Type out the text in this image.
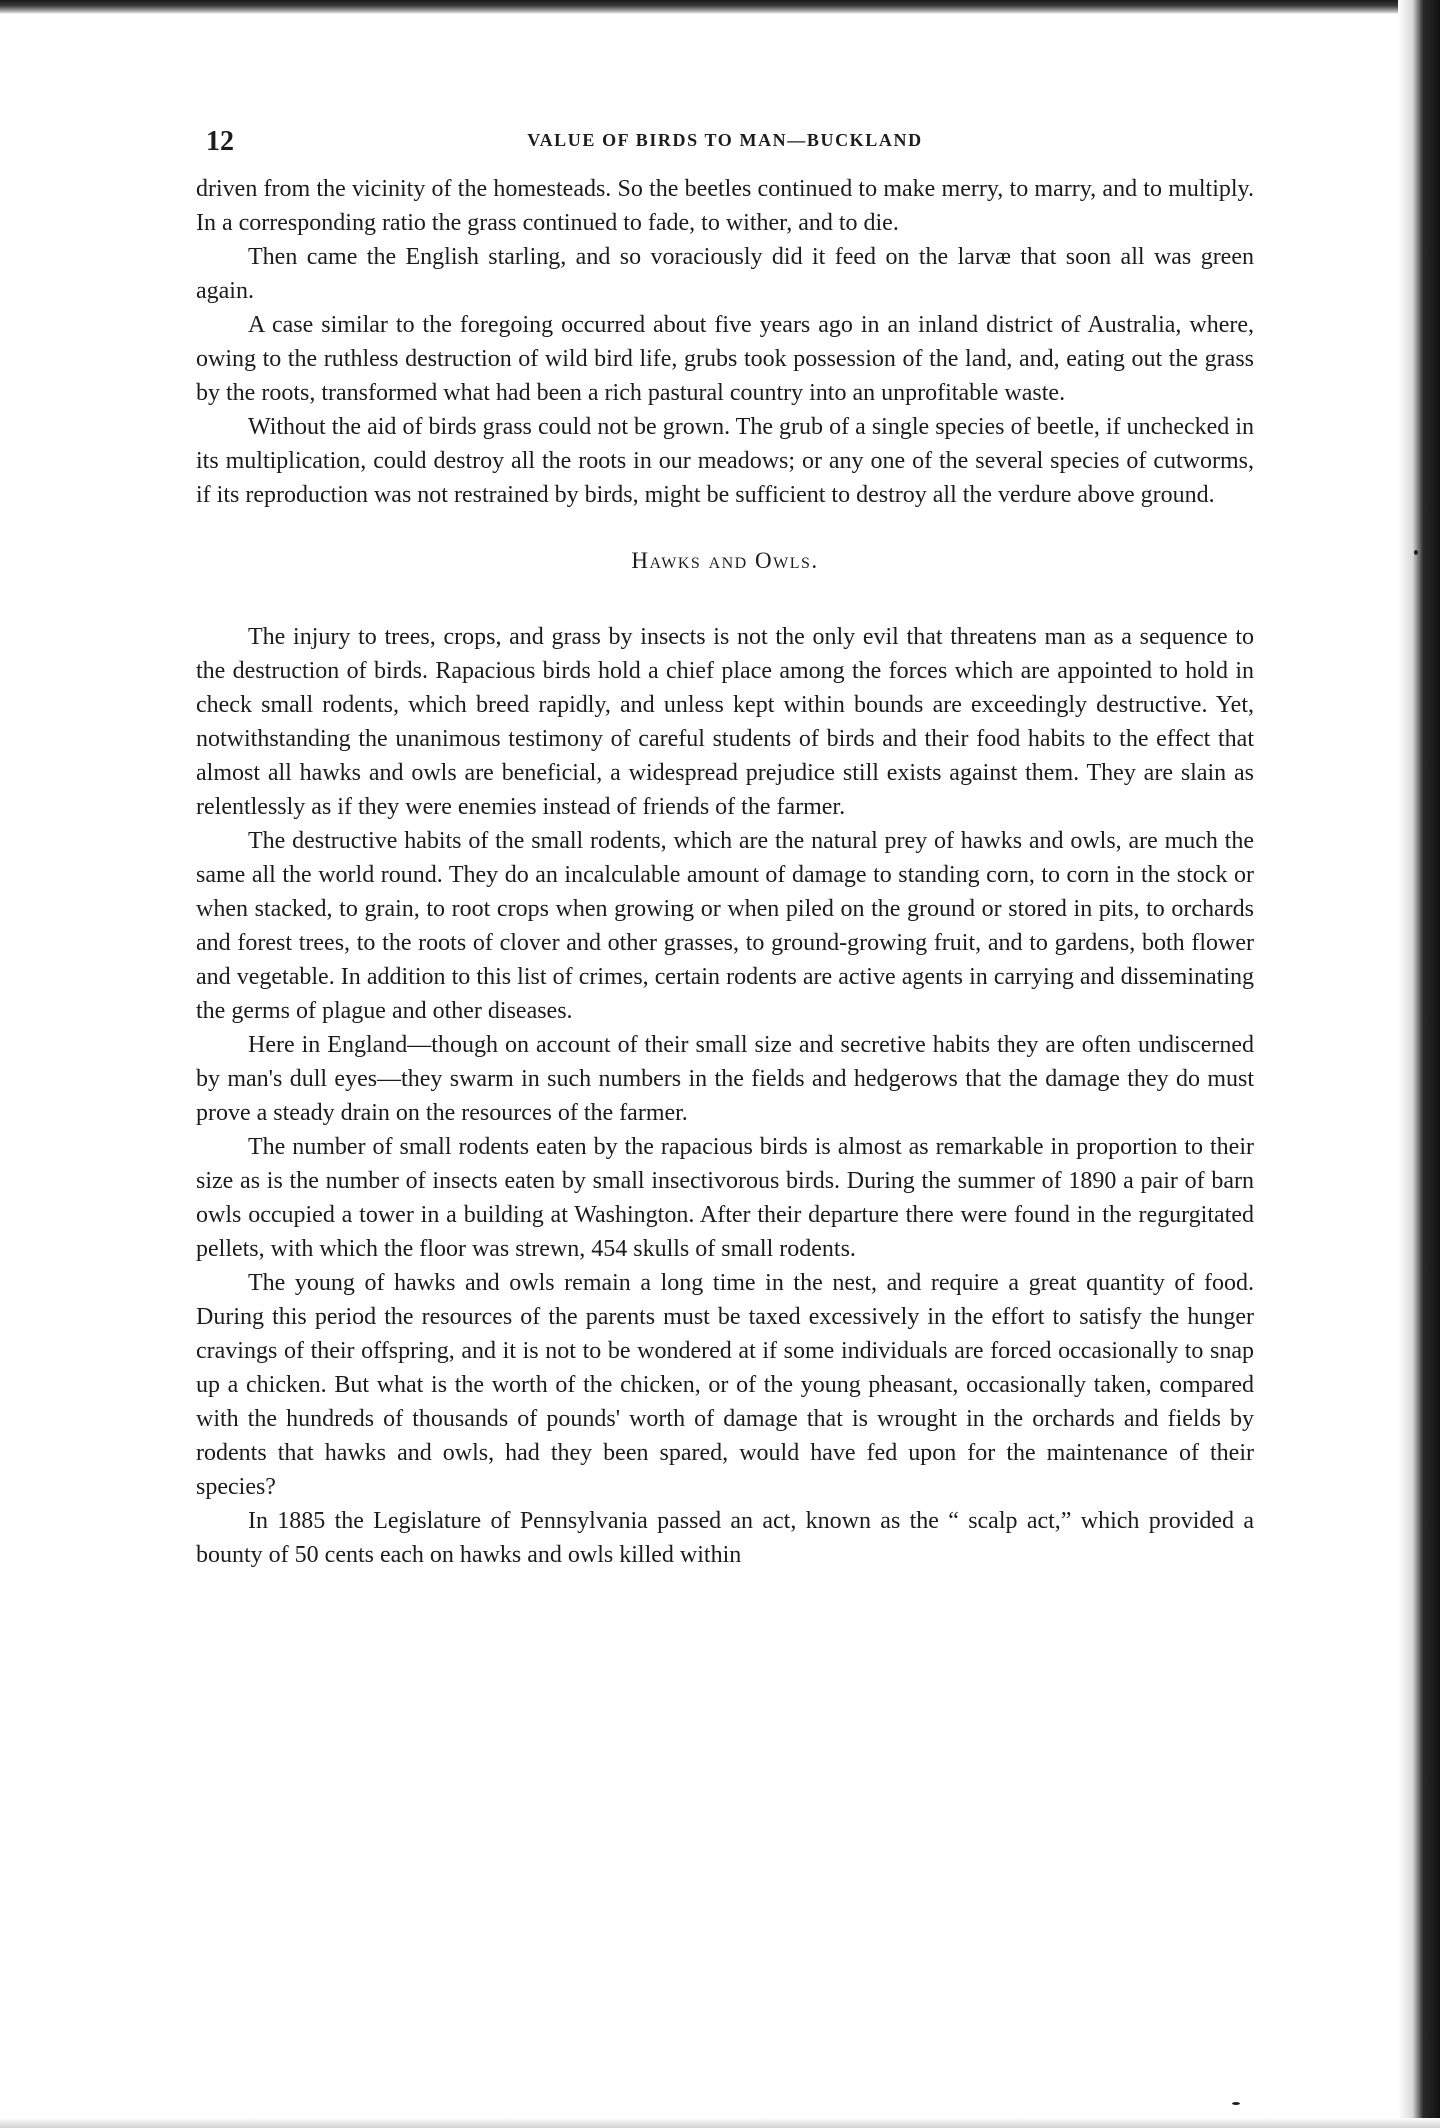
12	VALUE OF BIRDS TO MAN—BUCKLAND

driven from the vicinity of the homesteads. So the beetles continued to make merry, to marry, and to multiply. In a corresponding ratio the grass continued to fade, to wither, and to die.

Then came the English starling, and so voraciously did it feed on the larvæ that soon all was green again.

A case similar to the foregoing occurred about five years ago in an inland district of Australia, where, owing to the ruthless destruction of wild bird life, grubs took possession of the land, and, eating out the grass by the roots, transformed what had been a rich pastural country into an unprofitable waste.

Without the aid of birds grass could not be grown. The grub of a single species of beetle, if unchecked in its multiplication, could destroy all the roots in our meadows; or any one of the several species of cutworms, if its reproduction was not restrained by birds, might be sufficient to destroy all the verdure above ground.

Hawks and Owls.

The injury to trees, crops, and grass by insects is not the only evil that threatens man as a sequence to the destruction of birds. Rapacious birds hold a chief place among the forces which are appointed to hold in check small rodents, which breed rapidly, and unless kept within bounds are exceedingly destructive. Yet, notwithstanding the unanimous testimony of careful students of birds and their food habits to the effect that almost all hawks and owls are beneficial, a widespread prejudice still exists against them. They are slain as relentlessly as if they were enemies instead of friends of the farmer.

The destructive habits of the small rodents, which are the natural prey of hawks and owls, are much the same all the world round. They do an incalculable amount of damage to standing corn, to corn in the stock or when stacked, to grain, to root crops when growing or when piled on the ground or stored in pits, to orchards and forest trees, to the roots of clover and other grasses, to ground-growing fruit, and to gardens, both flower and vegetable. In addition to this list of crimes, certain rodents are active agents in carrying and disseminating the germs of plague and other diseases.

Here in England—though on account of their small size and secretive habits they are often undiscerned by man's dull eyes—they swarm in such numbers in the fields and hedgerows that the damage they do must prove a steady drain on the resources of the farmer.

The number of small rodents eaten by the rapacious birds is almost as remarkable in proportion to their size as is the number of insects eaten by small insectivorous birds. During the summer of 1890 a pair of barn owls occupied a tower in a building at Washington. After their departure there were found in the regurgitated pellets, with which the floor was strewn, 454 skulls of small rodents.

The young of hawks and owls remain a long time in the nest, and require a great quantity of food. During this period the resources of the parents must be taxed excessively in the effort to satisfy the hunger cravings of their offspring, and it is not to be wondered at if some individuals are forced occasionally to snap up a chicken. But what is the worth of the chicken, or of the young pheasant, occasionally taken, compared with the hundreds of thousands of pounds' worth of damage that is wrought in the orchards and fields by rodents that hawks and owls, had they been spared, would have fed upon for the maintenance of their species?

In 1885 the Legislature of Pennsylvania passed an act, known as the “ scalp act,” which provided a bounty of 50 cents each on hawks and owls killed within
